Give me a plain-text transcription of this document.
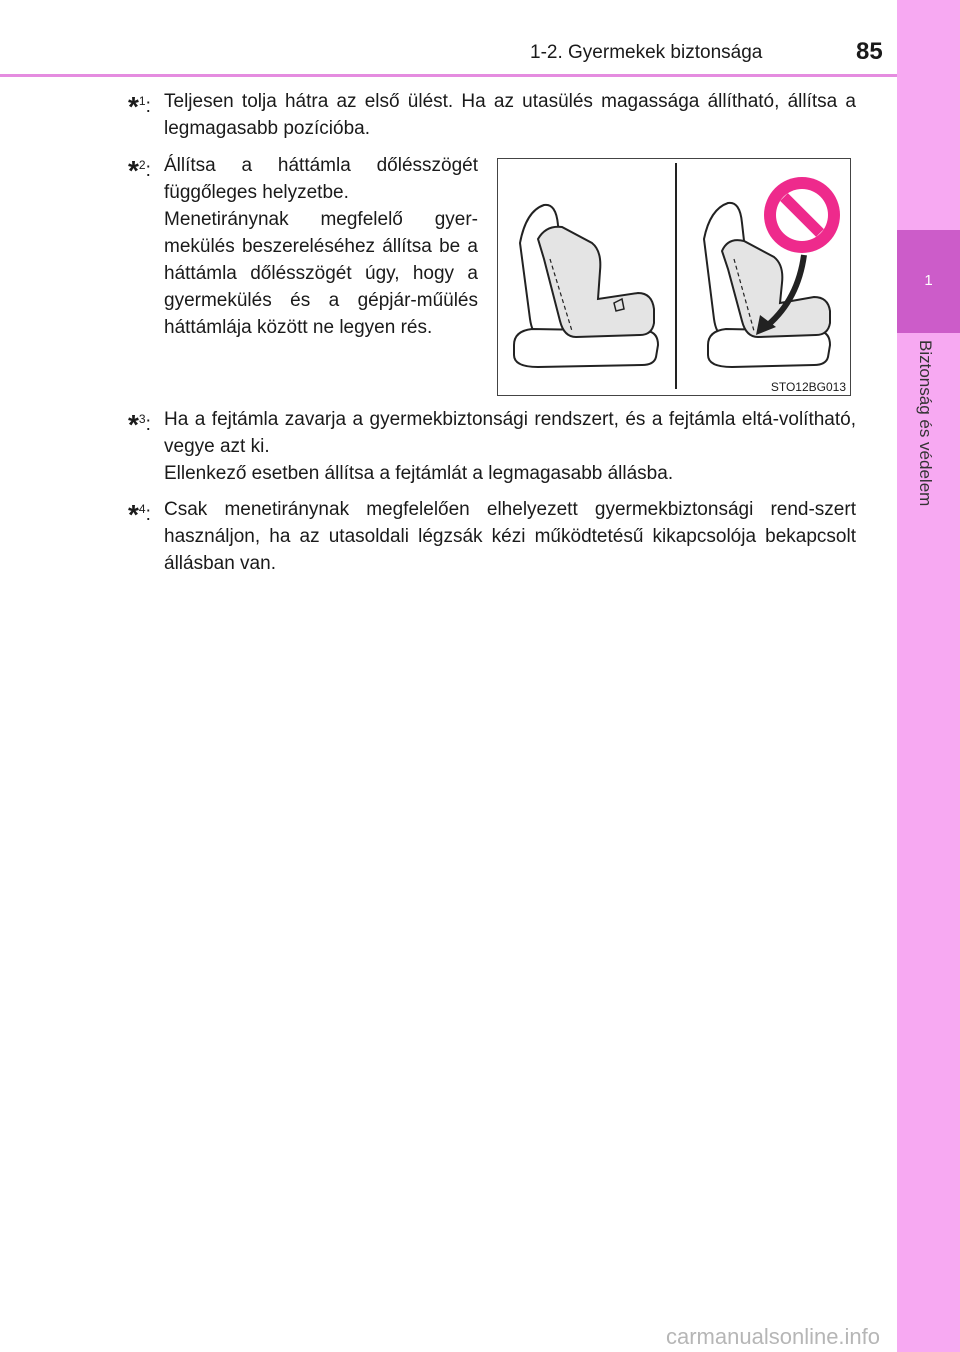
1-2. Gyermekek biztonsága	85
1
Biztonság és védelem
*$^1$: Teljesen tolja hátra az első ülést. Ha az utasülés magassága állítható, állítsa a legmagasabb pozícióba.

*$^2$: Állítsa a háttámla dőlésszögét függőleges helyzetbe.

Menetiránynak megfelelő gyer-mekülés beszereléséhez állítsa be a háttámla dőlésszögét úgy, hogy a gyermekülés és a gépjár-műülés háttámlája között ne legyen rés.

STO12BG013
*$^3$: Ha a fejtámla zavarja a gyermekbiztonsági rendszert, és a fejtámla eltá-volítható, vegye azt ki.

Ellenkező esetben állítsa a fejtámlát a legmagasabb állásba.

*$^4$: Csak menetiránynak megfelelően elhelyezett gyermekbiztonsági rend-szert használjon, ha az utasoldali légzsák kézi működtetésű kikapcsolója bekapcsolt állásban van.

carmanualsonline.info
